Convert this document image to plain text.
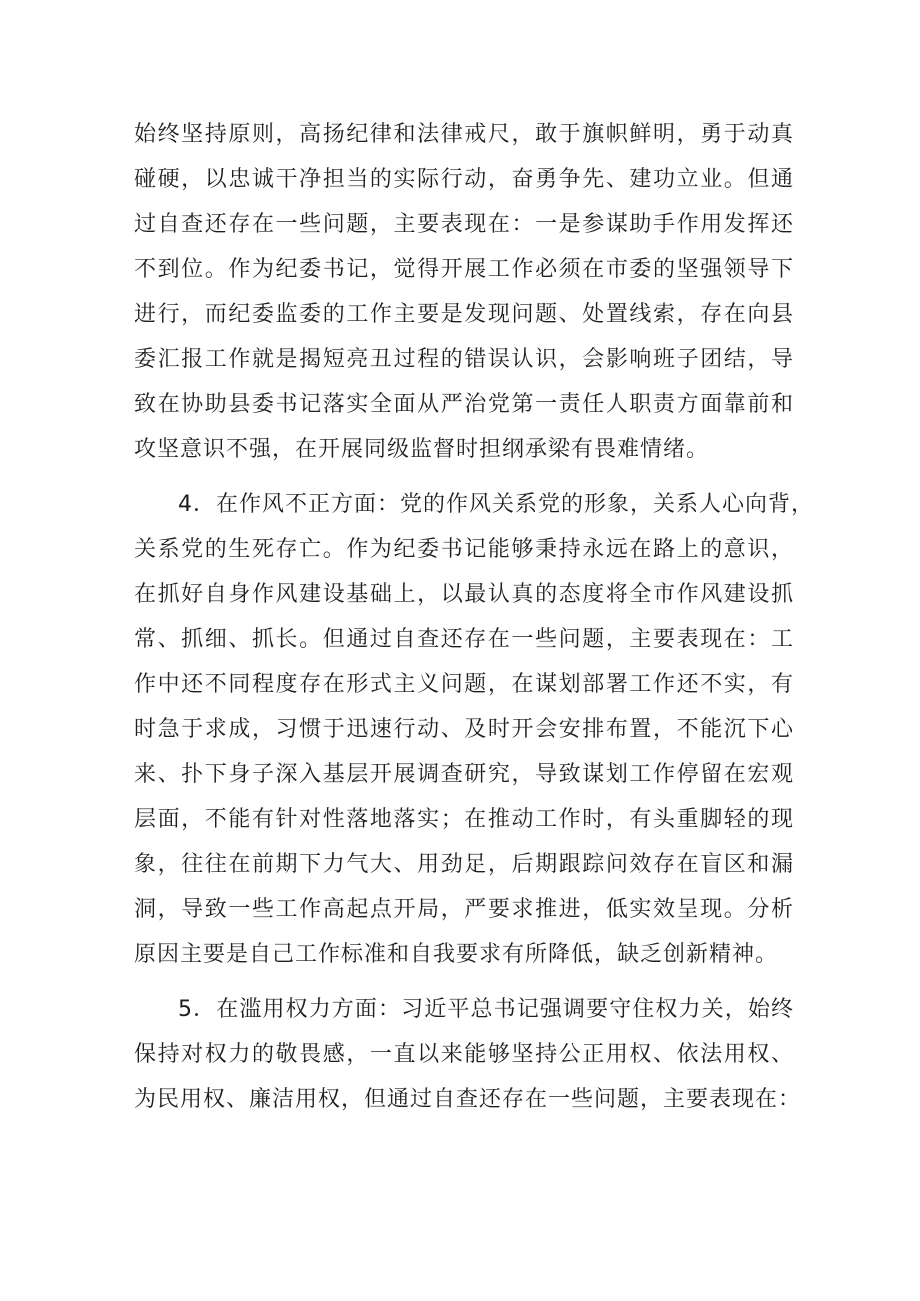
始终坚持原则，高扬纪律和法律戒尺，敢于旗帜鲜明，勇于动真
碰硬，以忠诚干净担当的实际行动，奋勇争先、建功立业。但通
过自查还存在一些问题，主要表现在：一是参谋助手作用发挥还
不到位。作为纪委书记，觉得开展工作必须在市委的坚强领导下
进行，而纪委监委的工作主要是发现问题、处置线索，存在向县
委汇报工作就是揭短亮丑过程的错误认识，会影响班子团结，导
致在协助县委书记落实全面从严治党第一责任人职责方面靠前和
攻坚意识不强，在开展同级监督时担纲承梁有畏难情绪。
4．在作风不正方面：党的作风关系党的形象，关系人心向背，
关系党的生死存亡。作为纪委书记能够秉持永远在路上的意识，
在抓好自身作风建设基础上，以最认真的态度将全市作风建设抓
常、抓细、抓长。但通过自查还存在一些问题，主要表现在：工
作中还不同程度存在形式主义问题，在谋划部署工作还不实，有
时急于求成，习惯于迅速行动、及时开会安排布置，不能沉下心
来、扑下身子深入基层开展调查研究，导致谋划工作停留在宏观
层面，不能有针对性落地落实；在推动工作时，有头重脚轻的现
象，往往在前期下力气大、用劲足，后期跟踪问效存在盲区和漏
洞，导致一些工作高起点开局，严要求推进，低实效呈现。分析
原因主要是自己工作标准和自我要求有所降低，缺乏创新精神。
5．在滥用权力方面：习近平总书记强调要守住权力关，始终
保持对权力的敬畏感，一直以来能够坚持公正用权、依法用权、
为民用权、廉洁用权，但通过自查还存在一些问题，主要表现在：
